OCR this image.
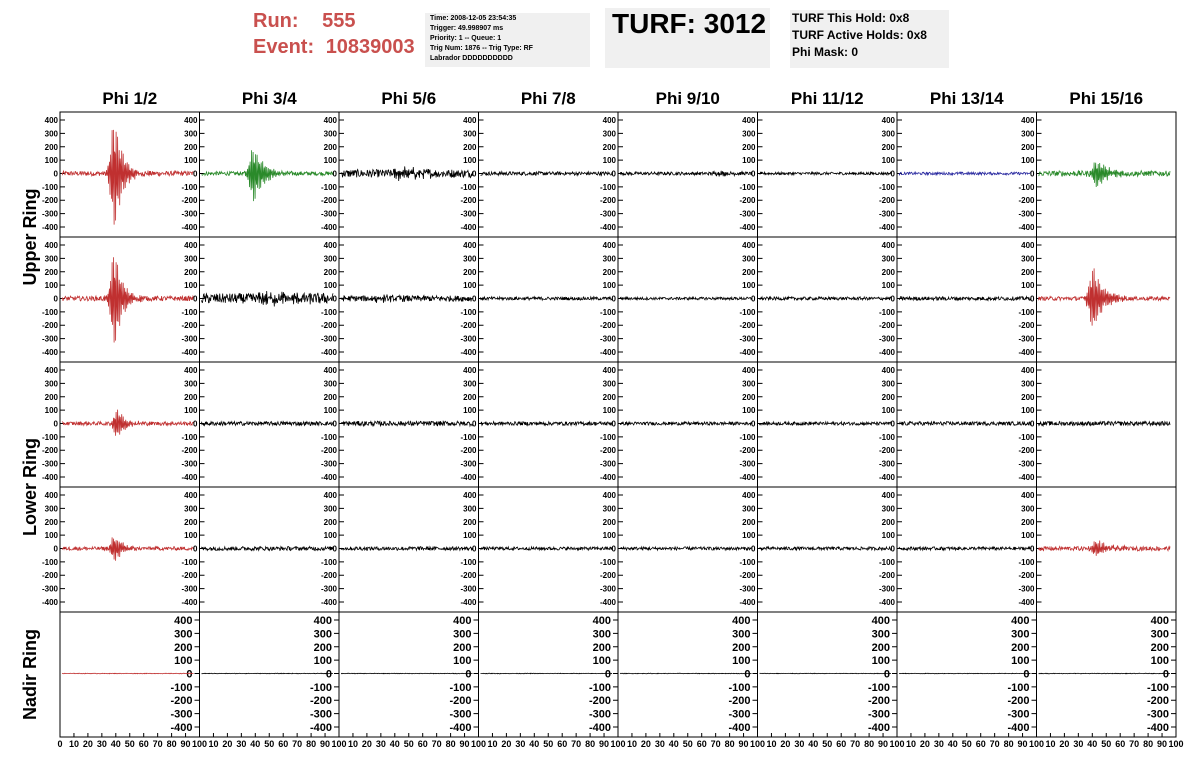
Run: 555
Event: 10839003
Time: 2008-12-05 23:54:35
Trigger: 49.998907 ms
Priority: 1 -- Queue: 1
Trig Num: 1876 -- Trig Type: RF
Labrador DDDDDDDDDD
TURF: 3012	TURF This Hold: 0x8
TURF Active Holds: 0x8
Phi Mask: 0
Phi 1/2	Phi 3/4	Phi 5/6	Phi 7/8	Phi 9/10	Phi 11/12	Phi 13/14	Phi 15/16
Upper Ring
Lower Ring
Nadir Ring
-400
-300
-200
-100
0
100
200
300
400
-400
-300
-200
-100
0
100
200
300
400
-400
-300
-200
-100
0
100
200
300
400
-400
-300
-200
-100
0
100
200
300
400
-400
-300
-200
-100
0
100
200
300
400
-400
-300
-200
-100
0
100
200
300
400
-400
-300
-200
-100
0
100
200
300
400
-400
-300
-200
-100
0
100
200
300
400
-400
-300
-200
-100
0
100
200
300
400
-400
-300
-200
-100
0
100
200
300
400
-400
-300
-200
-100
0
100
200
300
400
-400
-300
-200
-100
0
100
200
300
400
-400
-300
-200
-100
0
100
200
300
400
-400
-300
-200
-100
0
100
200
300
400
-400
-300
-200
-100
0
100
200
300
400
-400
-300
-200
-100
0
100
200
300
400
-400
-300
-200
-100
0
100
200
300
400
-400
-300
-200
-100
0
100
200
300
400
-400
-300
-200
-100
0
100
200
300
400
-400
-300
-200
-100
0
100
200
300
400
-400
-300
-200
-100
0
100
200
300
400
-400
-300
-200
-100
0
100
200
300
400
-400
-300
-200
-100
0
100
200
300
400
-400
-300
-200
-100
0
100
200
300
400
-400
-300
-200
-100
0
100
200
300
400
-400
-300
-200
-100
0
100
200
300
400
-400
-300
-200
-100
0
100
200
300
400
-400
-300
-200
-100
0
100
200
300
400
-400
-300
-200
-100
0
100
200
300
400
-400
-300
-200
-100
0
100
200
300
400
-400
-300
-200
-100
0
100
200
300
400
-400
-300
-200
-100
0
100
200
300
400
-400
-300
-200
-100
0
100
200
300
400
-400
-300
-200
-100
0
100
200
300
400
-400
-300
-200
-100
0
100
200
300
400
-400
-300
-200
-100
0
100
200
300
400
-400
-300
-200
-100
0
100
200
300
400
-400
-300
-200
-100
0
100
200
300
400
-400
-300
-200
-100
0
100
200
300
400
-400
-300
-200
-100
0
100
200
300
400
0 10 20 30 40 50 60 70 80 90 100 10 20 30 40 50 60 70 80 90 100 10 20 30 40 50 60 70 80 90 100 10 20 30 40 50 60 70 80 90 100 10 20 30 40 50 60 70 80 90 100 10 20 30 40 50 60 70 80 90 100 10 20 30 40 50 60 70 80 90 100 10 20 30 40 50 60 70 80 90 100
